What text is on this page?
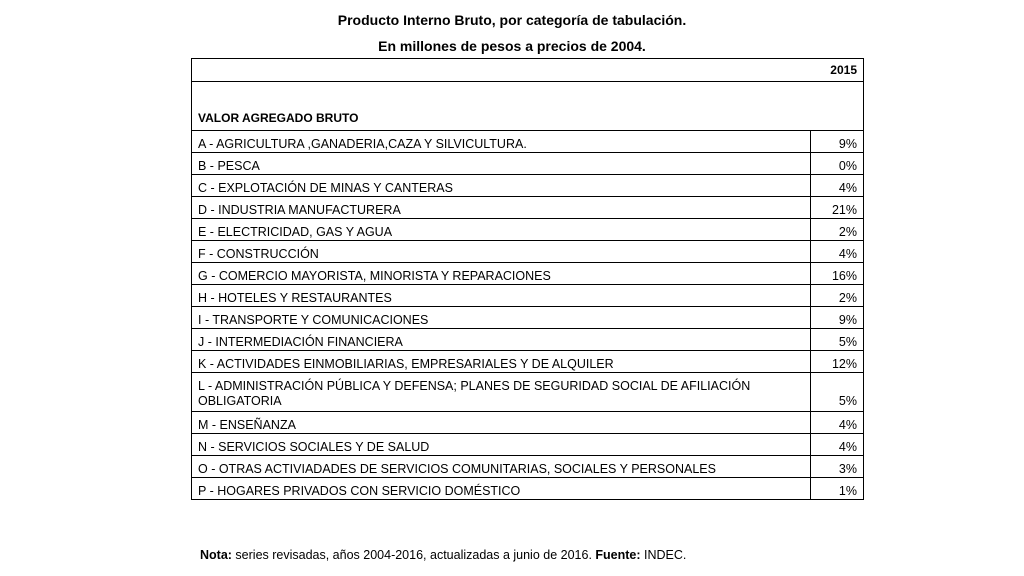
Producto Interno Bruto, por categoría de tabulación.
En millones de pesos a precios de 2004.
2015	
VALOR AGREGADO BRUTO	
A - AGRICULTURA ,GANADERIA,CAZA Y SILVICULTURA.	9%
B - PESCA	0%
C - EXPLOTACIÓN DE MINAS Y CANTERAS	4%
D - INDUSTRIA MANUFACTURERA	21%
E - ELECTRICIDAD, GAS Y AGUA	2%
F - CONSTRUCCIÓN	4%
G - COMERCIO MAYORISTA, MINORISTA Y REPARACIONES	16%
H - HOTELES Y RESTAURANTES	2%
I - TRANSPORTE Y COMUNICACIONES	9%
J - INTERMEDIACIÓN FINANCIERA	5%
K - ACTIVIDADES EINMOBILIARIAS, EMPRESARIALES Y DE ALQUILER	12%
L - ADMINISTRACIÓN PÚBLICA Y DEFENSA; PLANES DE SEGURIDAD SOCIAL DE AFILIACIÓN OBLIGATORIA	5%
M - ENSEÑANZA	4%
N - SERVICIOS SOCIALES Y DE SALUD	4%
O - OTRAS ACTIVIADADES DE SERVICIOS COMUNITARIAS, SOCIALES Y PERSONALES	3%
P - HOGARES PRIVADOS CON SERVICIO DOMÉSTICO	1%

Nota: series revisadas, años 2004-2016, actualizadas a junio de 2016. Fuente: INDEC.
